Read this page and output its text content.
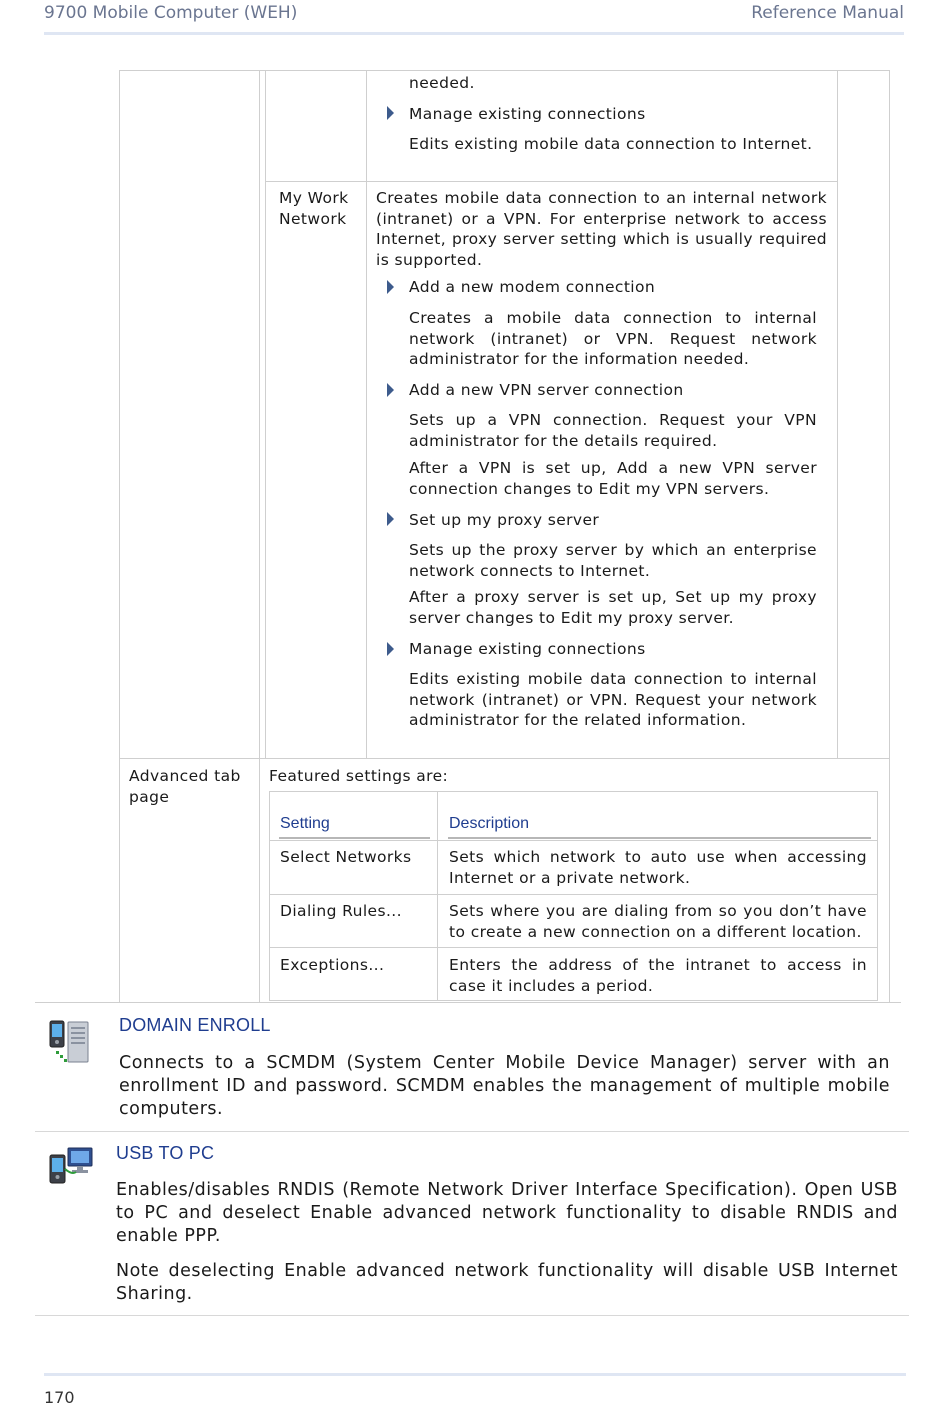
9700 Mobile Computer (WEH)	Reference Manual
needed.
Manage existing connections
Edits existing mobile data connection to Internet.
My Work Network
Creates mobile data connection to an internal network (intranet) or a VPN. For enterprise network to access Internet, proxy server setting which is usually required is supported.
Add a new modem connection
Creates a mobile data connection to internal network (intranet) or VPN. Request network administrator for the information needed.
Add a new VPN server connection
Sets up a VPN connection. Request your VPN administrator for the details required.
After a VPN is set up, Add a new VPN server connection changes to Edit my VPN servers.
Set up my proxy server
Sets up the proxy server by which an enterprise network connects to Internet.
After a proxy server is set up, Set up my proxy server changes to Edit my proxy server.
Manage existing connections
Edits existing mobile data connection to internal network (intranet) or VPN. Request your network administrator for the related information.
Advanced tab page
Featured settings are:
Setting	Description
Select Networks Sets which network to auto use when accessing Internet or a private network.
Dialing Rules...	Sets where you are dialing from so you don’t have to create a new connection on a different location.
Exceptions...	Enters the address of the intranet to access in case it includes a period.
DOMAIN ENROLL
Connects to a SCMDM (System Center Mobile Device Manager) server with an enrollment ID and password. SCMDM enables the management of multiple mobile computers.
USB TO PC
Enables/disables RNDIS (Remote Network Driver Interface Specification). Open USB to PC and deselect Enable advanced network functionality to disable RNDIS and enable PPP.
Note deselecting Enable advanced network functionality will disable USB Internet Sharing.
170
